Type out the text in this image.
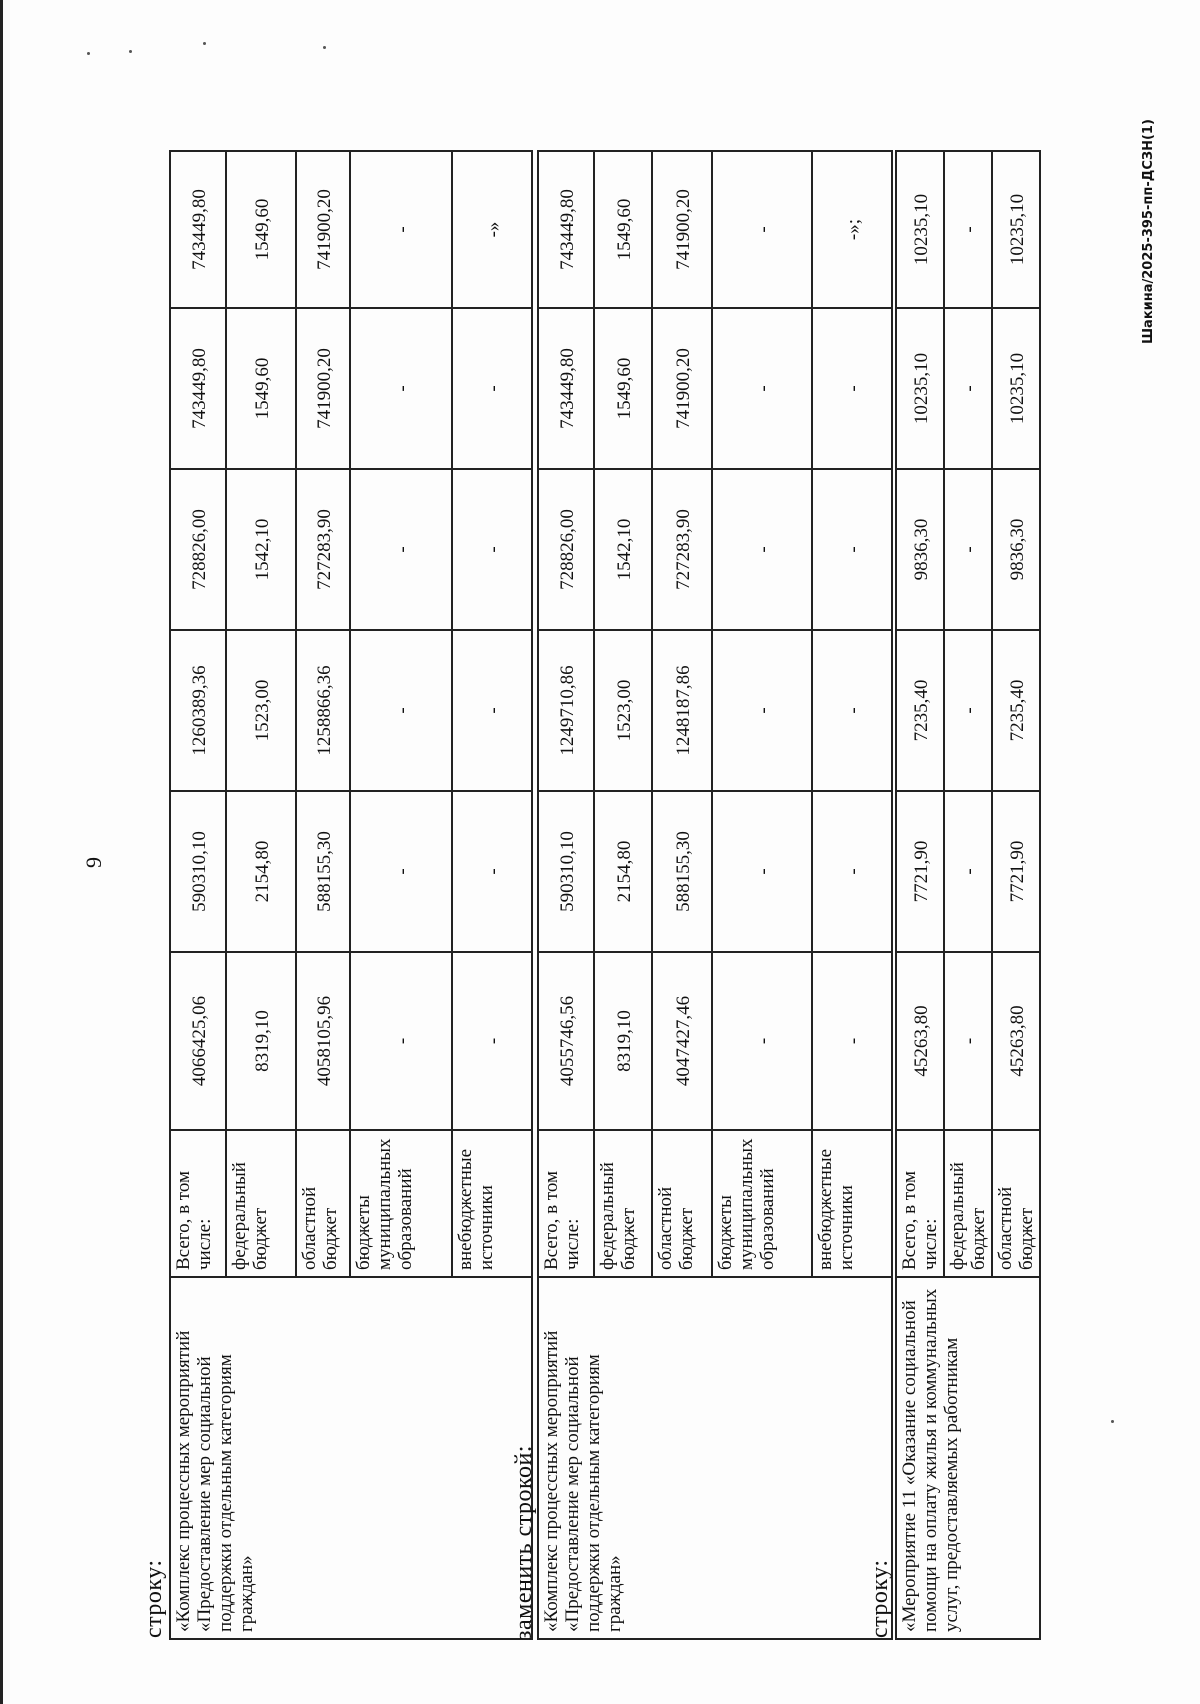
9
строку: «Комплекс процессных мероприятий «Предоставление мер социальной поддержки отдельным категориям граждан»	Всего, в том числе:	4066425,06	590310,10	1260389,36	728826,00	743449,80	743449,80
	федеральный бюджет	8319,10	2154,80	1523,00	1542,10	1549,60	1549,60
	областной бюджет	4058105,96	588155,30	1258866,36	727283,90	741900,20	741900,20
	бюджеты муниципальных образований	-	-	-	-	-	-
	внебюджетные источники	-	-	-	-	-	-»
заменить строкой: «Комплекс процессных мероприятий «Предоставление мер социальной поддержки отдельным категориям граждан»	Всего, в том числе:	4055746,56	590310,10	1249710,86	728826,00	743449,80	743449,80
	федеральный бюджет	8319,10	2154,80	1523,00	1542,10	1549,60	1549,60
	областной бюджет	4047427,46	588155,30	1248187,86	727283,90	741900,20	741900,20
	бюджеты муниципальных образований	-	-	-	-	-	-
	внебюджетные источники	-	-	-	-	-	-»;
строку: «Мероприятие 11 «Оказание социальной помощи на оплату жилья и коммунальных услуг, предоставляемых работникам	Всего, в том числе:	45263,80	7721,90	7235,40	9836,30	10235,10	10235,10
	федеральный бюджет	-	-	-	-	-	-
	областной бюджет	45263,80	7721,90	7235,40	9836,30	10235,10	10235,10	Шакина/2025-395-пп-ДСЗН(1)
